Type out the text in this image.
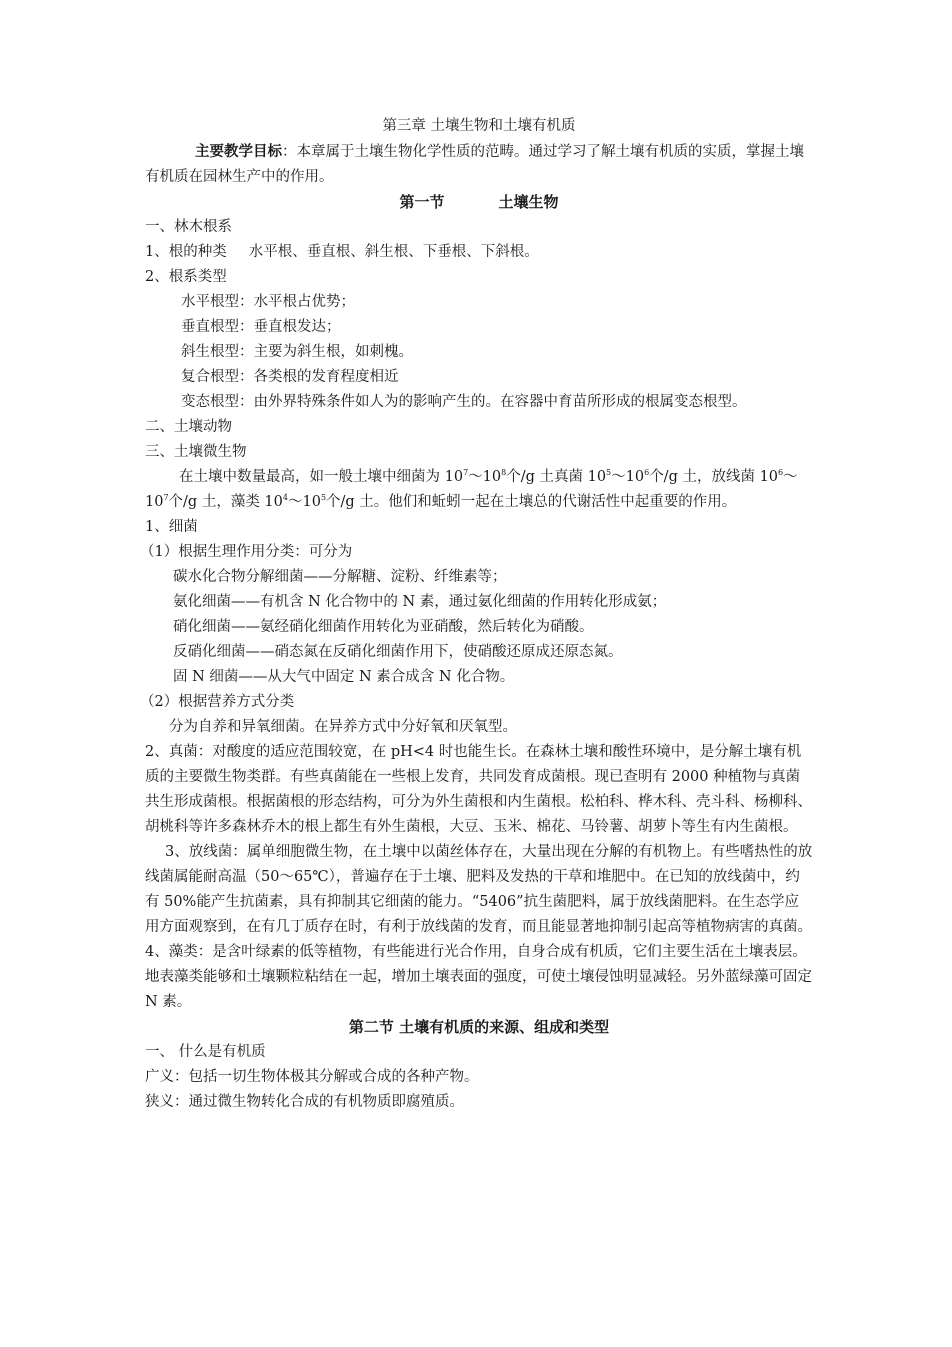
第三章 土壤生物和土壤有机质

主要教学目标：本章属于土壤生物化学性质的范畴。通过学习了解土壤有机质的实质，掌握土壤有机质在园林生产中的作用。

第一节	土壤生物

一、林木根系

1、根的种类 水平根、垂直根、斜生根、下垂根、下斜根。

2、根系类型

水平根型：水平根占优势；

垂直根型：垂直根发达；

斜生根型：主要为斜生根，如刺槐。

复合根型：各类根的发育程度相近

变态根型：由外界特殊条件如人为的影响产生的。在容器中育苗所形成的根属变态根型。

二、土壤动物

三、土壤微生物

在土壤中数量最高，如一般土壤中细菌为 $10^7\sim 10^8$个/g 土真菌 $10^5\sim 10^6$个/g 土，放线菌 $10^6\sim 10^7$个/g 土，藻类 $10^4\sim 10^5$个/g 土。他们和蚯蚓一起在土壤总的代谢活性中起重要的作用。

1、细菌

（1）根据生理作用分类：可分为

碳水化合物分解细菌——分解糖、淀粉、纤维素等；

氨化细菌——有机含 N 化合物中的 N 素，通过氨化细菌的作用转化形成氨；

硝化细菌——氨经硝化细菌作用转化为亚硝酸，然后转化为硝酸。

反硝化细菌——硝态氮在反硝化细菌作用下，使硝酸还原成还原态氮。

固 N 细菌——从大气中固定 N 素合成含 N 化合物。

（2）根据营养方式分类

分为自养和异氧细菌。在异养方式中分好氧和厌氧型。

2、真菌：对酸度的适应范围较宽，在 pH<4 时也能生长。在森林土壤和酸性环境中，是分解土壤有机质的主要微生物类群。有些真菌能在一些根上发育，共同发育成菌根。现已查明有 2000 种植物与真菌共生形成菌根。根据菌根的形态结构，可分为外生菌根和内生菌根。松柏科、桦木科、壳斗科、杨柳科、胡桃科等许多森林乔木的根上都生有外生菌根，大豆、玉米、棉花、马铃薯、胡萝卜等生有内生菌根。

3、放线菌：属单细胞微生物，在土壤中以菌丝体存在，大量出现在分解的有机物上。有些嗜热性的放线菌属能耐高温（50～65℃），普遍存在于土壤、肥料及发热的干草和堆肥中。在已知的放线菌中，约有 50%能产生抗菌素，具有抑制其它细菌的能力。“5406”抗生菌肥料，属于放线菌肥料。在生态学应用方面观察到，在有几丁质存在时，有利于放线菌的发育，而且能显著地抑制引起高等植物病害的真菌。

4、藻类：是含叶绿素的低等植物，有些能进行光合作用，自身合成有机质，它们主要生活在土壤表层。地表藻类能够和土壤颗粒粘结在一起，增加土壤表面的强度，可使土壤侵蚀明显减轻。另外蓝绿藻可固定 N 素。

第二节 土壤有机质的来源、组成和类型

一、 什么是有机质

广义：包括一切生物体极其分解或合成的各种产物。

狭义：通过微生物转化合成的有机物质即腐殖质。
